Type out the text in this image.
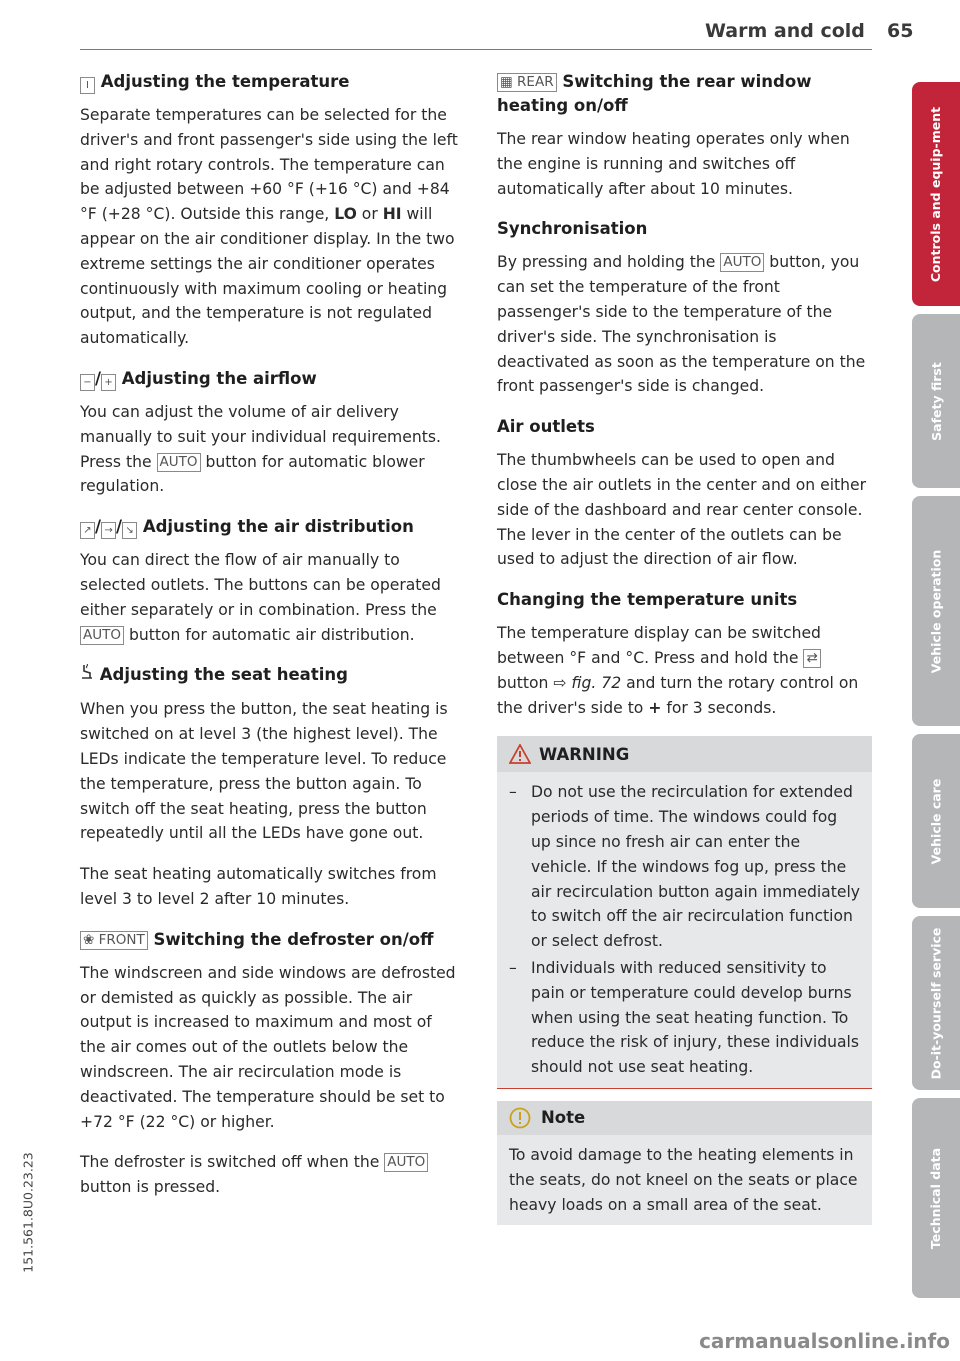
Warm and cold 65
I Adjusting the temperature

Separate temperatures can be selected for the driver's and front passenger's side using the left and right rotary controls. The temperature can be adjusted between +60 °F (+16 °C) and +84 °F (+28 °C). Outside this range, LO or HI will appear on the air conditioner display. In the two extreme settings the air conditioner operates continuously with maximum cooling or heating output, and the temperature is not regulated automatically.

− / + Adjusting the airflow

You can adjust the volume of air delivery manually to suit your individual requirements. Press the AUTO button for automatic blower regulation.

↗ / → / ↘ Adjusting the air distribution

You can direct the flow of air manually to selected outlets. The buttons can be operated either separately or in combination. Press the AUTO button for automatic air distribution.

Adjusting the seat heating

When you press the button, the seat heating is switched on at level 3 (the highest level). The LEDs indicate the temperature level. To reduce the temperature, press the button again. To switch off the seat heating, press the button repeatedly until all the LEDs have gone out.

The seat heating automatically switches from level 3 to level 2 after 10 minutes.

❀ FRONT Switching the defroster on/off

The windscreen and side windows are defrosted or demisted as quickly as possible. The air output is increased to maximum and most of the air comes out of the outlets below the windscreen. The air recirculation mode is deactivated. The temperature should be set to +72 °F (22 °C) or higher.

The defroster is switched off when the AUTO button is pressed.

▦ REAR Switching the rear window heating on/off

The rear window heating operates only when the engine is running and switches off automatically after about 10 minutes.

Synchronisation

By pressing and holding the AUTO button, you can set the temperature of the front passenger's side to the temperature of the driver's side. The synchronisation is deactivated as soon as the temperature on the front passenger's side is changed.

Air outlets

The thumbwheels can be used to open and close the air outlets in the center and on either side of the dashboard and rear center console. The lever in the center of the outlets can be used to adjust the direction of air flow.

Changing the temperature units

The temperature display can be switched between °F and °C. Press and hold the ⇄ button ⇨ fig. 72 and turn the rotary control on the driver's side to + for 3 seconds.

WARNING
– Do not use the recirculation for extended periods of time. The windows could fog up since no fresh air can enter the vehicle. If the windows fog up, press the air recirculation button again immediately to switch off the air recirculation function or select defrost.
– Individuals with reduced sensitivity to pain or temperature could develop burns when using the seat heating function. To reduce the risk of injury, these individuals should not use seat heating.
Note
To avoid damage to the heating elements in the seats, do not kneel on the seats or place heavy loads on a small area of the seat.
Controls and equip-ment
Safety first
Vehicle operation
Vehicle care
Do-it-yourself service
Technical data
151.561.8U0.23.23
carmanualsonline.info
